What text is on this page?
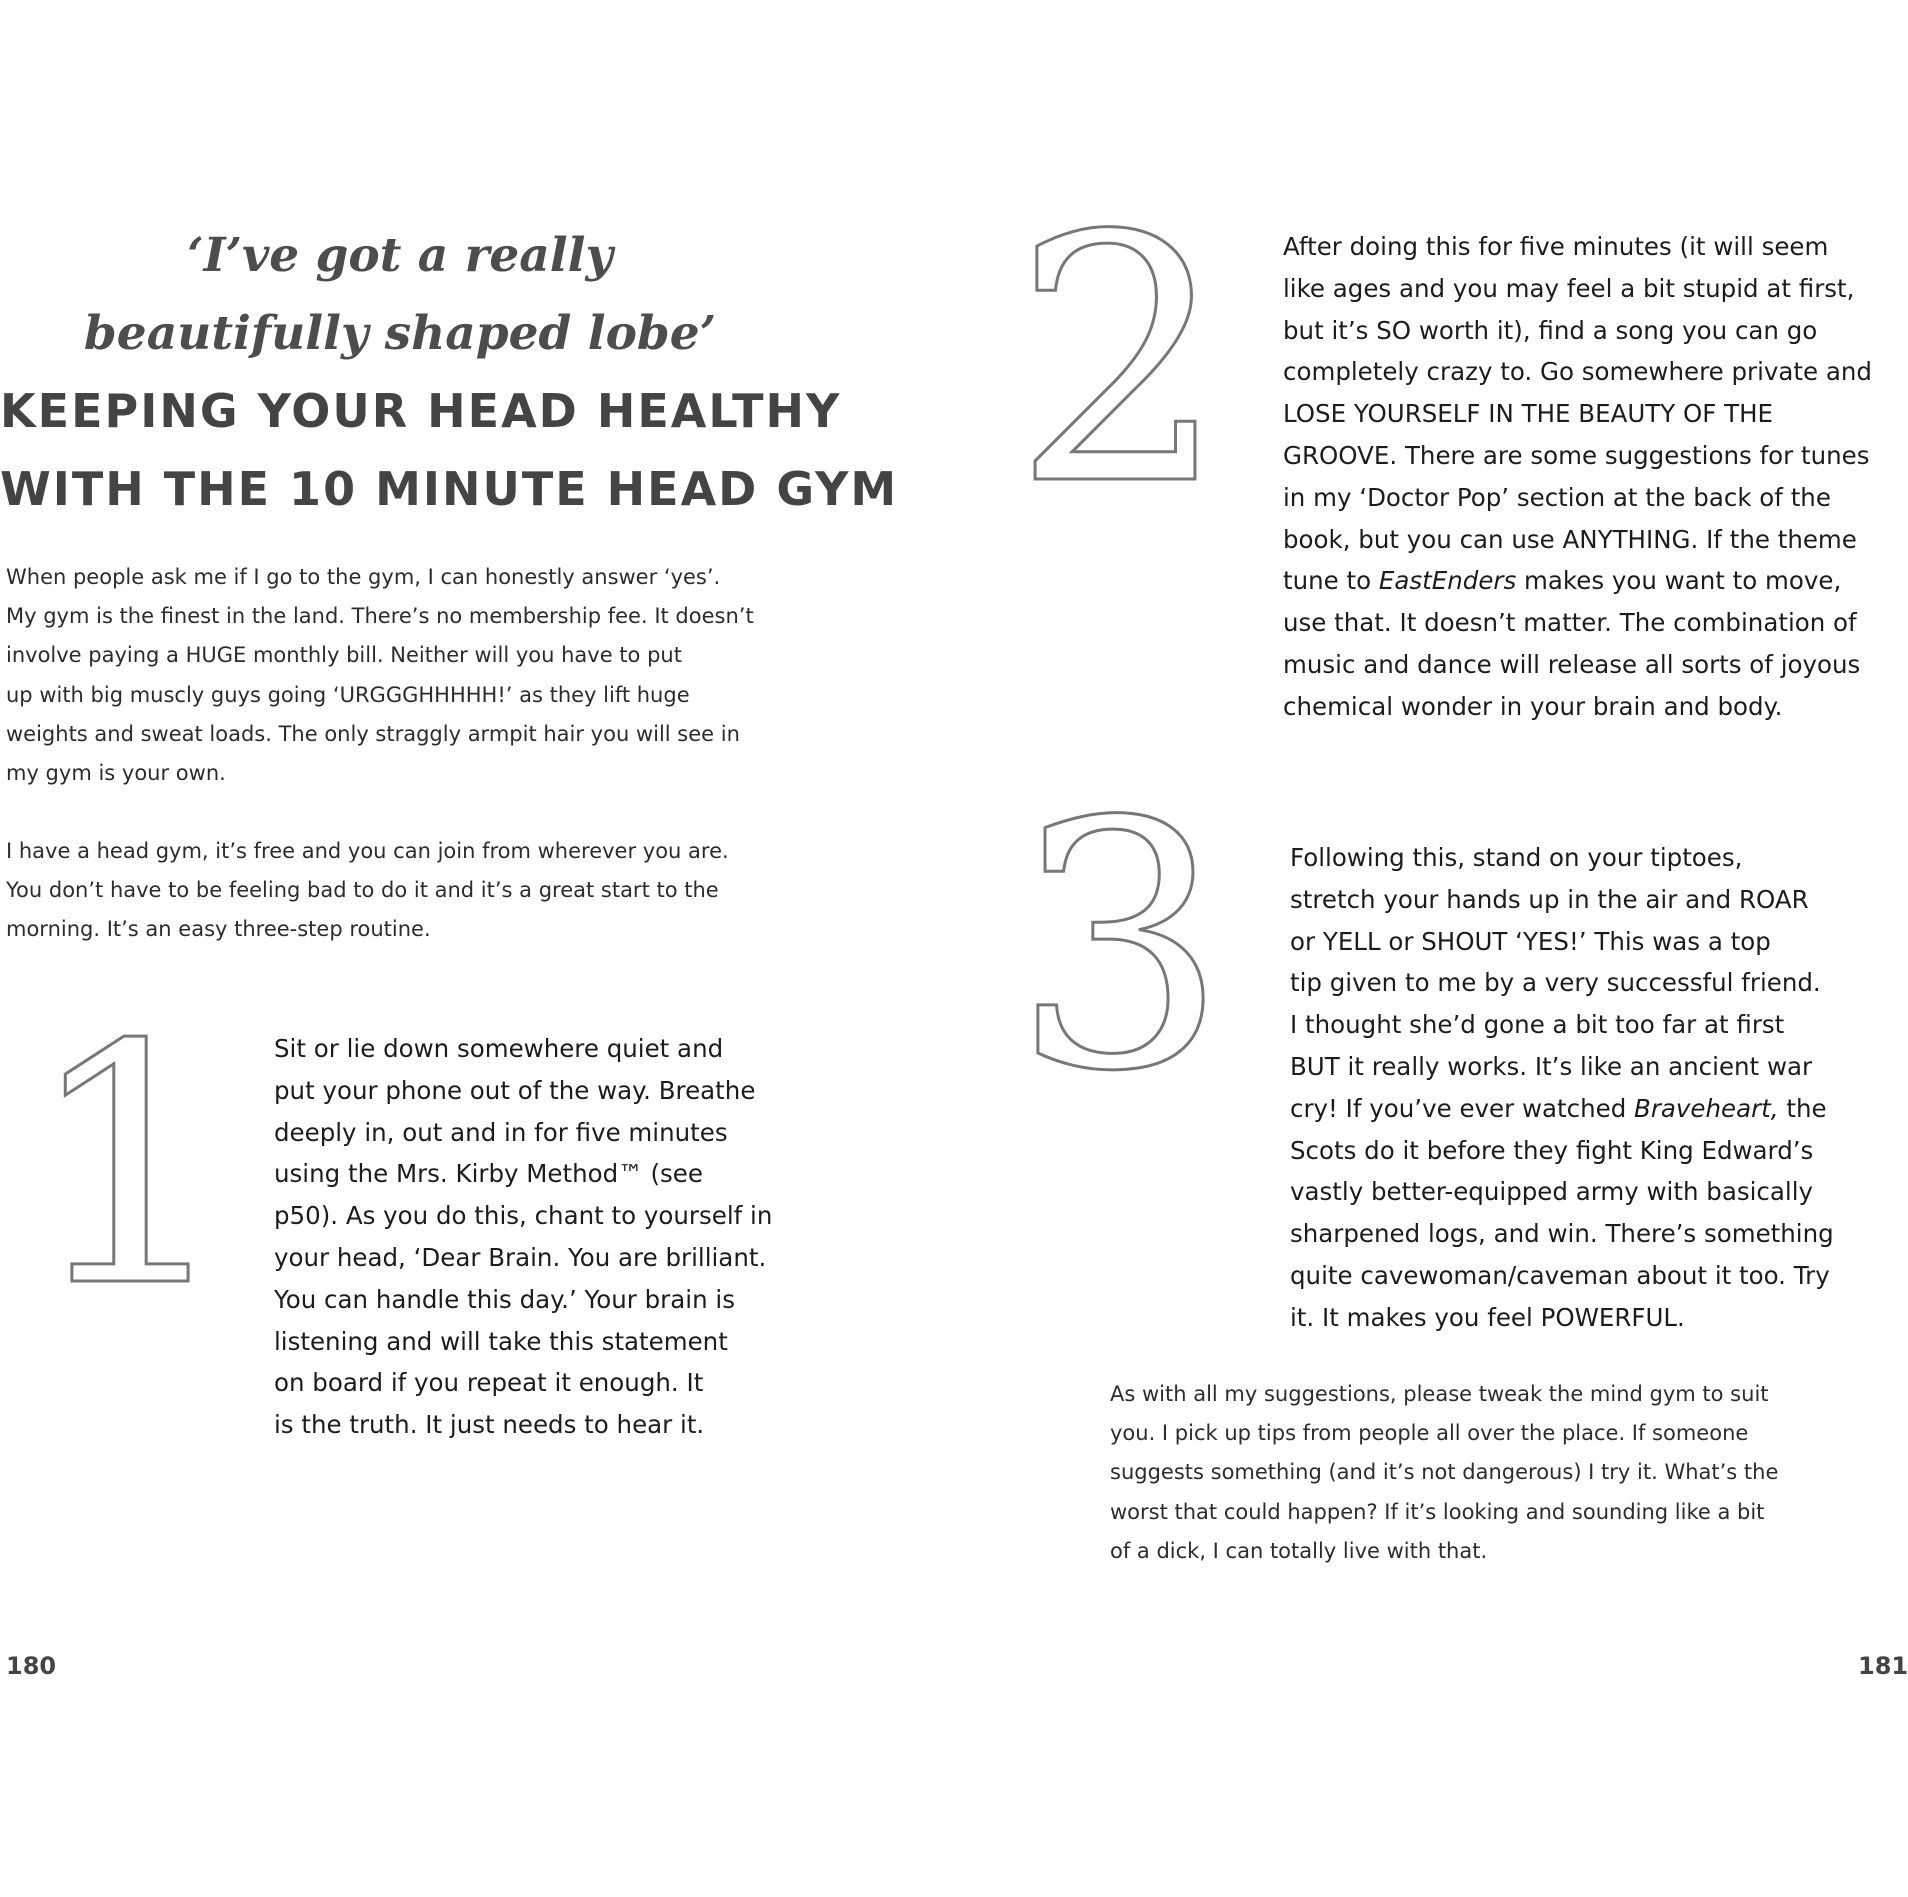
‘I’ve got a really
beautifully shaped lobe’
KEEPING YOUR HEAD HEALTHY
WITH THE 10 MINUTE HEAD GYM
When people ask me if I go to the gym, I can honestly answer ‘yes’.
My gym is the finest in the land. There’s no membership fee. It doesn’t
involve paying a HUGE monthly bill. Neither will you have to put
up with big muscly guys going ‘URGGGHHHHH!’ as they lift huge
weights and sweat loads. The only straggly armpit hair you will see in
my gym is your own.
I have a head gym, it’s free and you can join from wherever you are.
You don’t have to be feeling bad to do it and it’s a great start to the
morning. It’s an easy three-step routine.
1 Sit or lie down somewhere quiet and
put your phone out of the way. Breathe
deeply in, out and in for five minutes
using the Mrs. Kirby Method™ (see
p50). As you do this, chant to yourself in
your head, ‘Dear Brain. You are brilliant.
You can handle this day.’ Your brain is
listening and will take this statement
on board if you repeat it enough. It
is the truth. It just needs to hear it.
180
2 After doing this for five minutes (it will seem
like ages and you may feel a bit stupid at first,
but it’s SO worth it), find a song you can go
completely crazy to. Go somewhere private and
LOSE YOURSELF IN THE BEAUTY OF THE
GROOVE. There are some suggestions for tunes
in my ‘Doctor Pop’ section at the back of the
book, but you can use ANYTHING. If the theme
tune to EastEnders makes you want to move,
use that. It doesn’t matter. The combination of
music and dance will release all sorts of joyous
chemical wonder in your brain and body.
3	Following this, stand on your tiptoes,
stretch your hands up in the air and ROAR
or YELL or SHOUT ‘YES!’ This was a top
tip given to me by a very successful friend.
I thought she’d gone a bit too far at first
BUT it really works. It’s like an ancient war
cry! If you’ve ever watched Braveheart, the
Scots do it before they fight King Edward’s
vastly better-equipped army with basically
sharpened logs, and win. There’s something
quite cavewoman/caveman about it too. Try
it. It makes you feel POWERFUL.
As with all my suggestions, please tweak the mind gym to suit
you. I pick up tips from people all over the place. If someone
suggests something (and it’s not dangerous) I try it. What’s the
worst that could happen? If it’s looking and sounding like a bit
of a dick, I can totally live with that.
181
